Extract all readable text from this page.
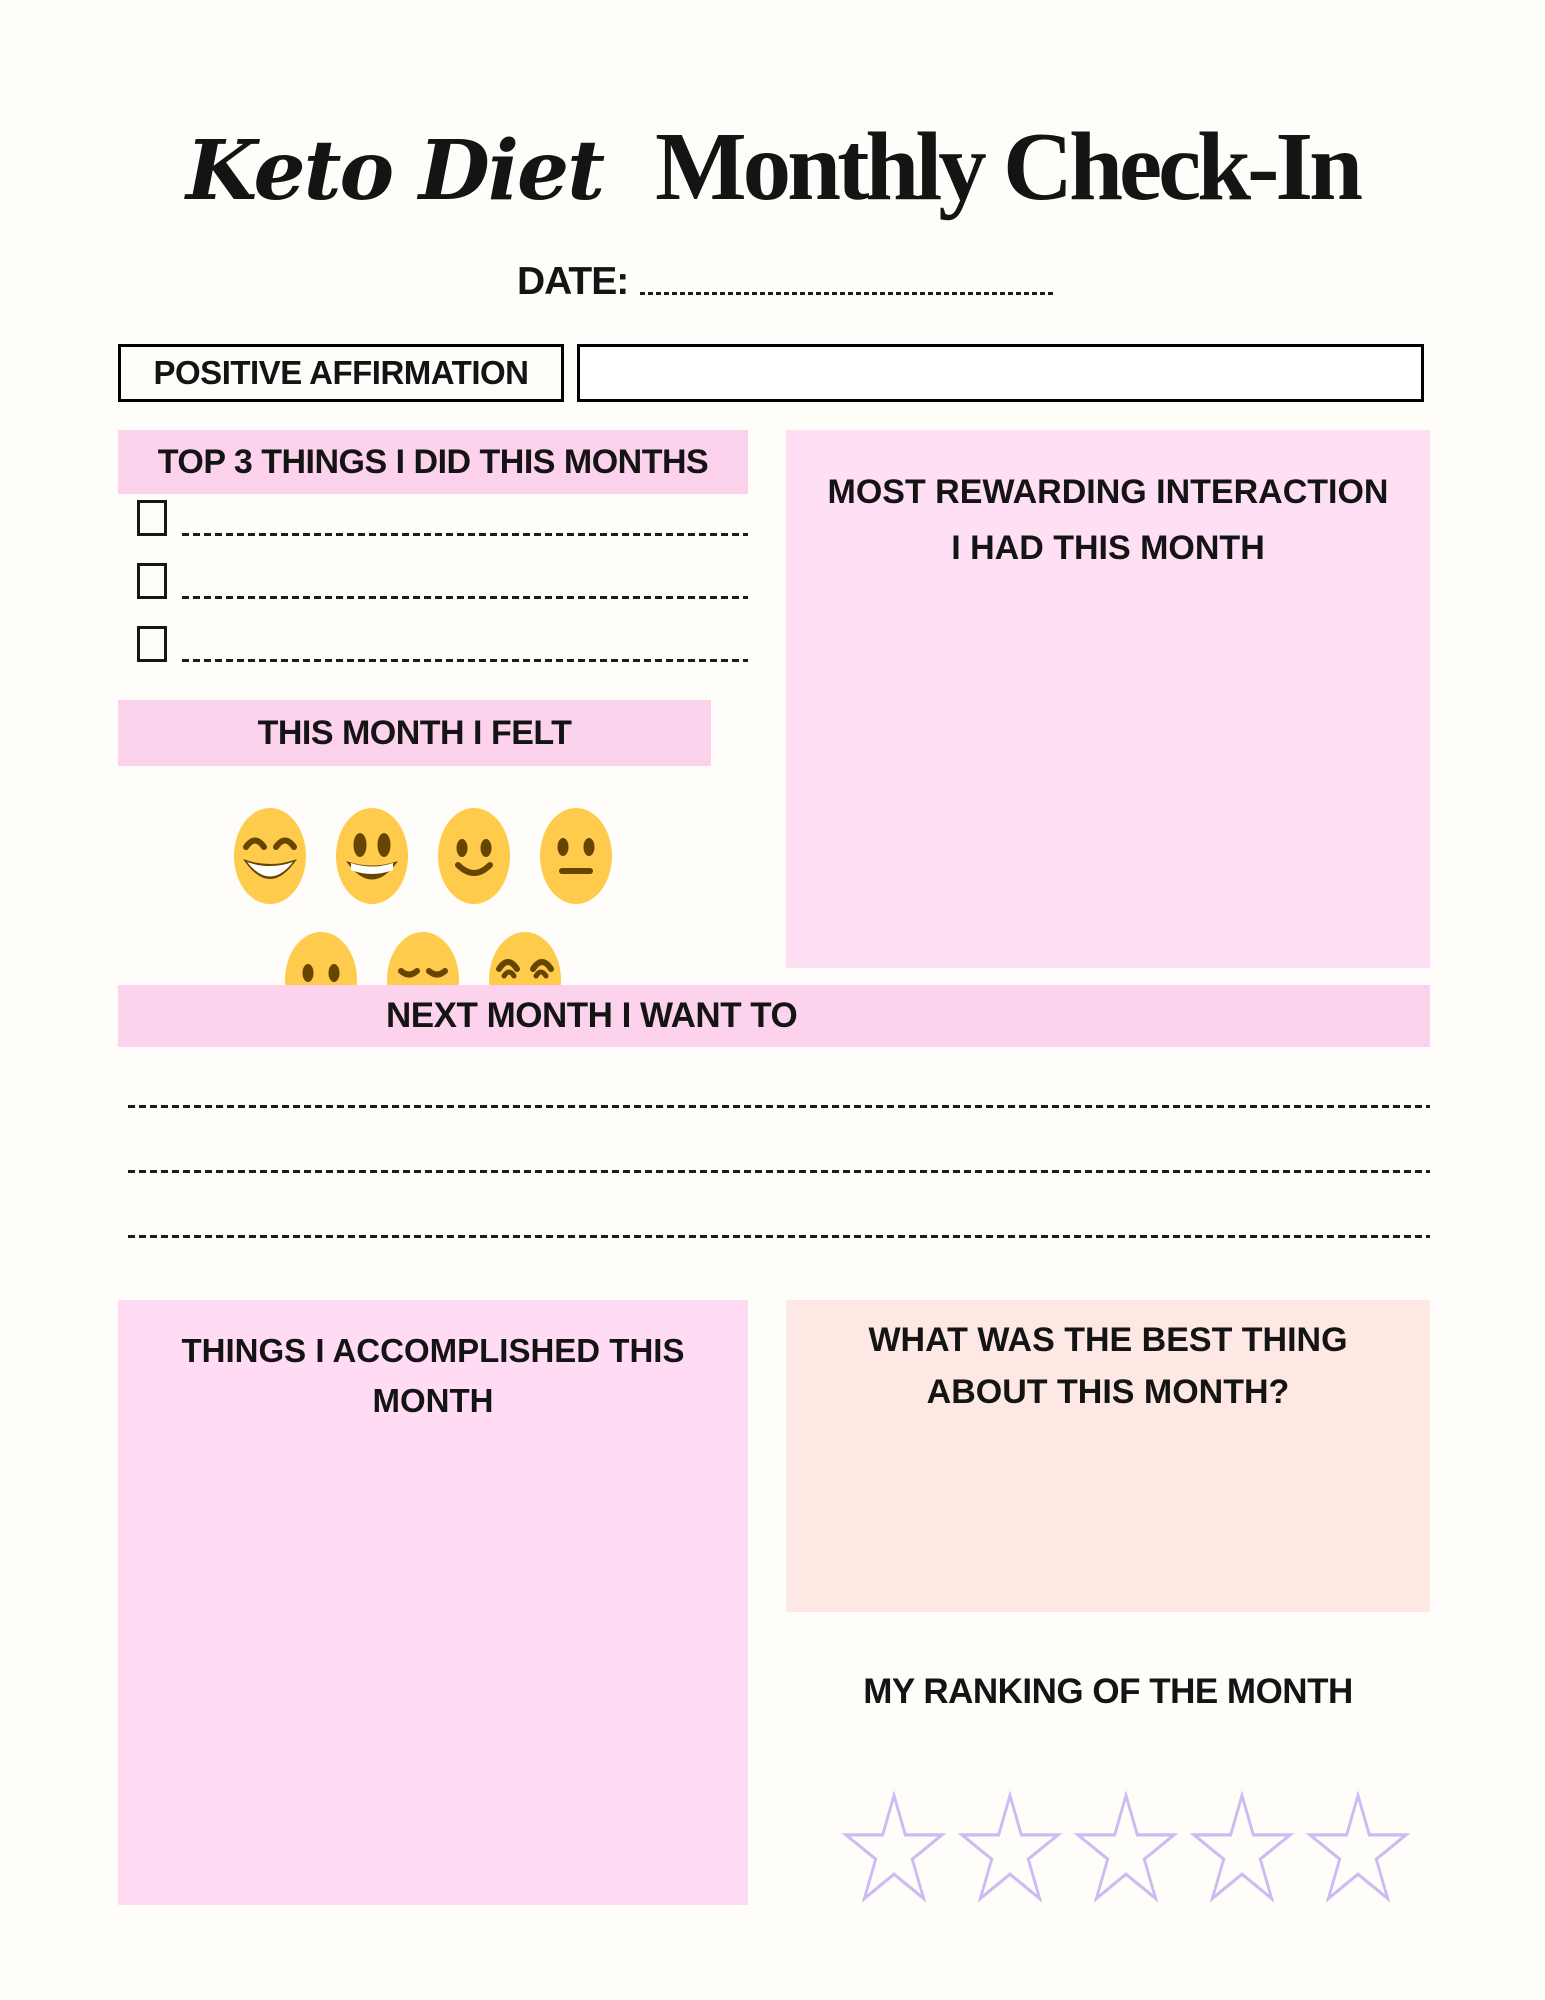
Keto Diet Monthly Check-In
DATE:
POSITIVE AFFIRMATION
TOP 3 THINGS I DID THIS MONTHS
THIS MONTH I FELT
MOST REWARDING INTERACTION
I HAD THIS MONTH
NEXT MONTH I WANT TO
THINGS I ACCOMPLISHED THIS
MONTH
WHAT WAS THE BEST THING
ABOUT THIS MONTH?
MY RANKING OF THE MONTH
